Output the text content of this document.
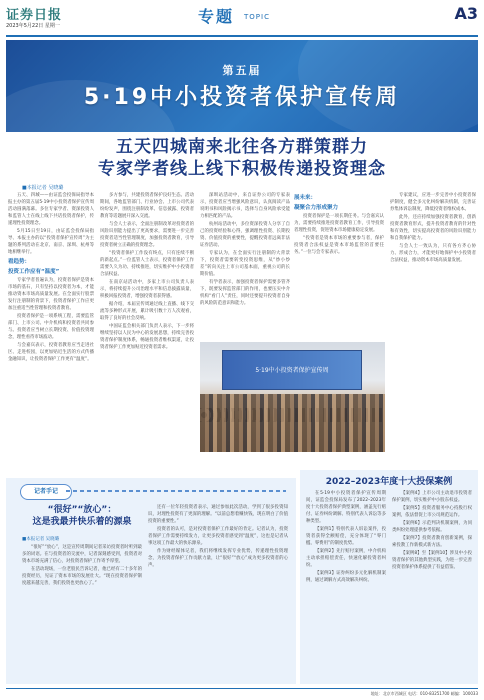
证券日报
2023年5月22日 星期一	专题 TOPIC	A3
第五届
5·19中小投资者保护宣传周
五天四城南来北往各方群策群力
专家学者线上线下积极传递投资理念
■本报记者 吴晓璐

五天、四城——由证监会投保局指导本报主办的第五届5·19中小投资者保护宣传周活动圆满落幕。多位专家学者、资深投资人和监管人士在线上线下共话投资者保护，传递理性投资理念。

5月15日至19日，由证监会投保局指导、本报主办的以“投资者保护宣传周”为主题的系列活动在北京、南京、深圳、杭州等地相继举行。

看趋势：

投资工作应有“温度”

专家学者普遍认为，投资者保护是资本市场的基石，只有坚持以投资者为本，才能推动资本市场高质量发展。在全面实行股票发行注册制的背景下，投资者保护工作应更加注重适当性管理和投资者教育。

投资者保护是一项系统工程，需要监管部门、上市公司、中介机构和投资者共同参与。投资者应当树立长期投资、价值投资理念，理性看待市场波动。

与会嘉宾表示，投资者教育应当走进社区、走进校园，以更加贴近生活的方式传播金融知识，让投资者保护工作更有“温度”。

多方参与，共建投资者保护良好生态。活动期间，各地监管部门、行业协会、上市公司代表纷纷发声，围绕注册制改革、信息披露、投资者教育等话题展开深入交流。

与会人士表示，全面注册制改革对投资者的风险识别能力提出了更高要求，需要进一步完善投资者适当性管理制度，加强投资者教育，引导投资者树立正确的投资理念。

“投资者保护工作没有终点，只有连续不断的新起点。”一位监管人士表示，投资者保护工作需要久久为功、持续推进，切实维护中小投资者合法权益。

在南京站活动中，多家上市公司负责人表示，将持续提升公司治理水平和信息披露质量，积极回报投资者，增强投资者获得感。

据介绍，本届宣传周通过线上直播、线下交流等多种形式开展，累计吸引数十万人次观看，取得了良好的社会反响。

中国证监会相关部门负责人表示，下一步将继续坚持以人民为中心的发展思想，持续完善投资者保护制度体系，畅通投资者维权渠道，让投资者保护工作更加贴近投资者需求。

深圳站活动中，来自证券公司的专家表示，投资者应当增强风险意识，认真阅读产品说明书和风险揭示书，选择与自身风险承受能力相匹配的产品。

杭州站活动中，多位资深投资人分享了自己的投资经验和心得，强调理性投资、长期投资、价值投资的重要性，提醒投资者远离非法证券活动。

专家认为，在全面实行注册制的大背景下，投资者需要转变投资思维，从“炒小炒差”转向关注上市公司基本面，重视公司的长期价值。

有学者表示，加强投资者保护需要多管齐下，既要发挥监管部门的作用，也要压实中介机构“看门人”责任，同时还要提升投资者自身的风险防范意识和能力。

展未来：

凝聚合力形成聚力

投资者保护是一项长期任务。与会嘉宾认为，需要持续推进投资者教育工作，引导投资者理性投资，促进资本市场健康稳定发展。

“投资者是资本市场的重要参与者，保护投资者合法权益是资本市场监管的首要任务。”一位与会专家表示。

专家建议，应进一步完善中小投资者保护制度，健全多元化纠纷解决机制，完善证券集体诉讼制度，降低投资者维权成本。

此外，还应持续加强投资者教育，创新投资者教育形式，提升投资者教育的针对性和有效性，切实提高投资者的风险识别能力和自我保护能力。

与会人士一致认为，只有各方齐心协力、形成合力，才能更好地保护中小投资者合法权益，推动资本市场高质量发展。

5·19中小投资者保护宣传周
记者手记
“很好”“放心”：
这是我最并快乐着的源泉
■本报记者 吴晓璐

“很好”“放心”，这是宣传周期间记者采访投资者时听到最多的词语。在与投资者的交流中，记者深刻感受到，投资者对资本市场充满了信心，对投资者保护工作寄予厚望。

在活动现场，一位老股民告诉记者，他已经有二十多年的投资经历，见证了资本市场的发展壮大。“现在投资者保护制度越来越完善，我们投资也更放心了。”

还有一位年轻投资者表示，通过参加此次活动，学到了很多投资知识，对理性投资有了更深的理解。“以前总想着赚快钱，现在明白了价值投资的重要性。”

投资者的认可，是对投资者保护工作最好的肯定。记者认为，投资者保护工作需要持续发力，让更多投资者感受到“温度”，这也是记者从事这项工作最大的快乐源泉。

作为财经媒体记者，我们将继续发挥专业优势，传递理性投资理念，为投资者保护工作贡献力量，让“很好”“放心”成为更多投资者的心声。

2022–2023年度十大投保案例

在5·19中小投资者保护宣传周期间，证监会投保局发布了2022–2023年度十大投资者保护典型案例，涵盖先行赔付、证券纠纷调解、特别代表人诉讼等多种类型。

【案例1】特别代表人诉讼案件，投资者获得全额赔偿，充分体现了“零门槛、零费用”的制度优势。

【案例2】先行赔付案例，中介机构主动承担赔偿责任，快速化解投资者纠纷。

【案例3】证券纠纷多元化解机制案例，通过调解方式高效解决纠纷。

【案例4】上市公司主动退市投资者保护案例，切实维护中小股东权益。

【案例5】投资者服务中心持股行权案例，依法督促上市公司规范运作。

【案例6】示范判决机制案例，为同类纠纷处理提供参考依据。

【案例7】投资者教育创新案例，探索投教工作新模式新方法。

【案例8】至【案例10】涉及中小投资者保护的其他典型实践，为进一步完善投资者保护体系提供了有益借鉴。

地址：北京市西城区 电话：010-83251700 邮编：100033
